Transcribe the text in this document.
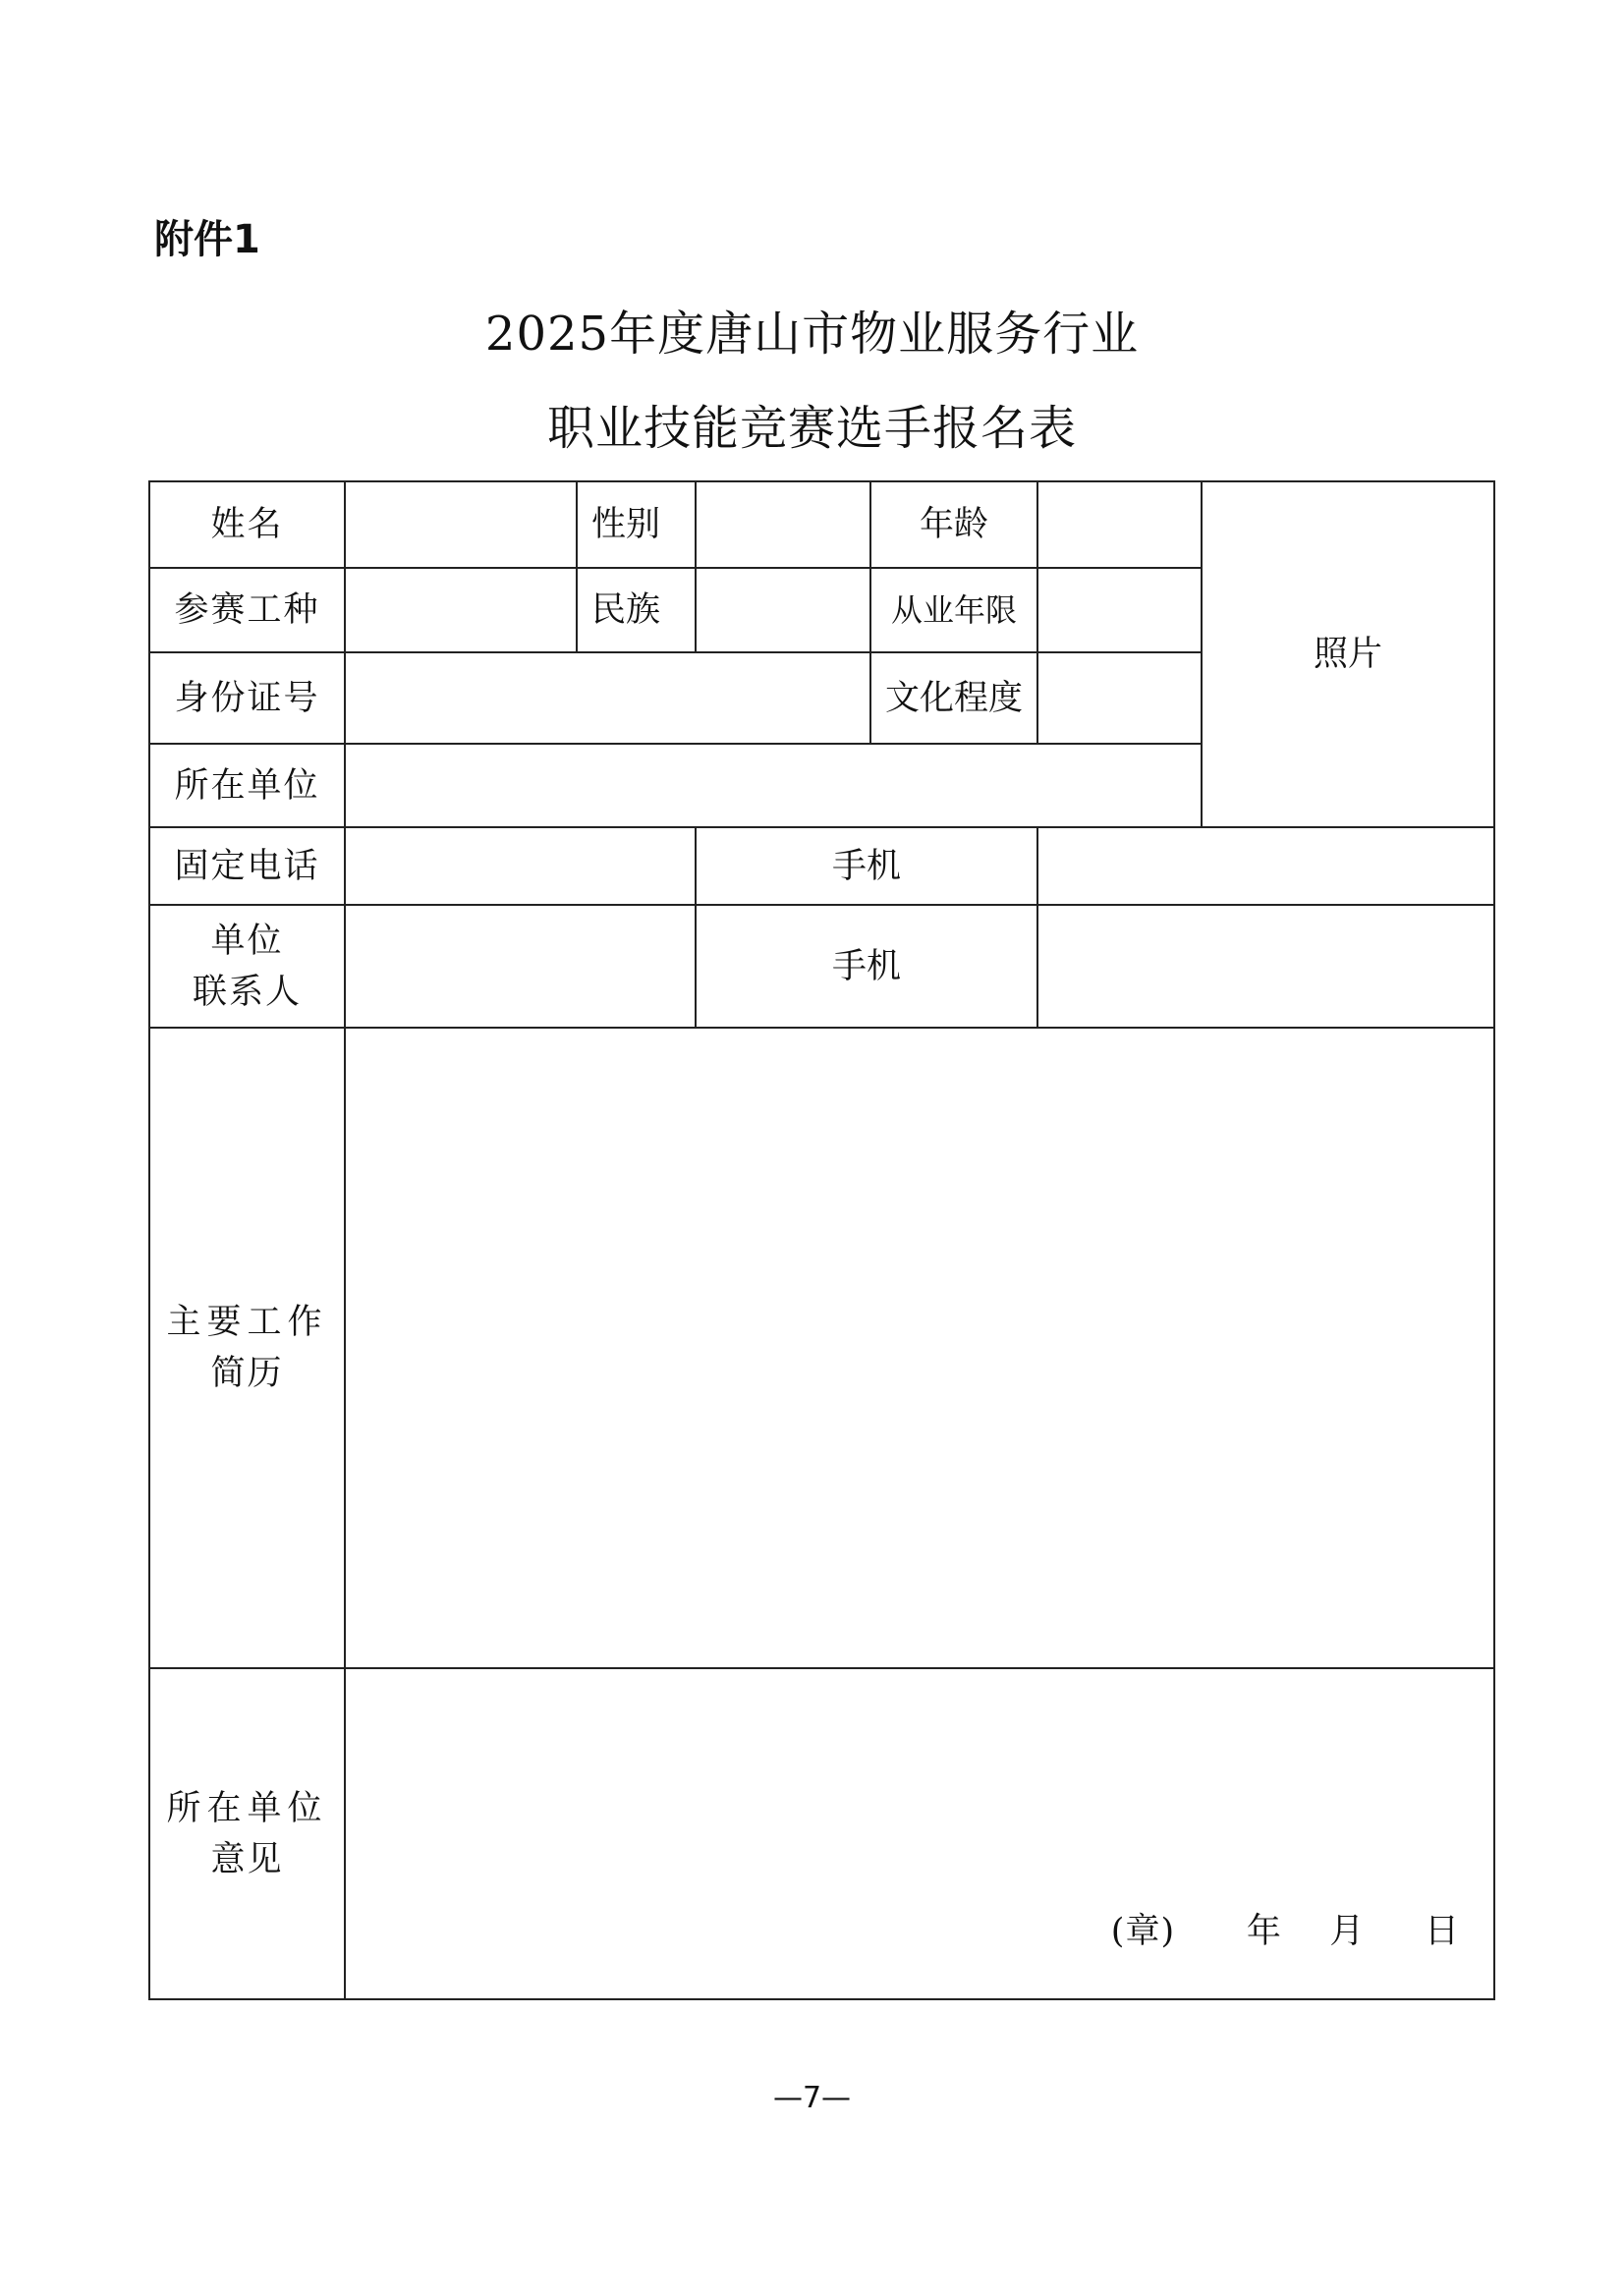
附件1
2025年度唐山市物业服务行业
职业技能竞赛选手报名表
姓名		性别		年龄		照片
参赛工种		民族		从业年限		
身份证号				文化程度		
所在单位						
固定电话			手机			

单位
联系人			手机			

主要工作
简历						

所在单位
意见	(章)      年    月     日					
—7—
